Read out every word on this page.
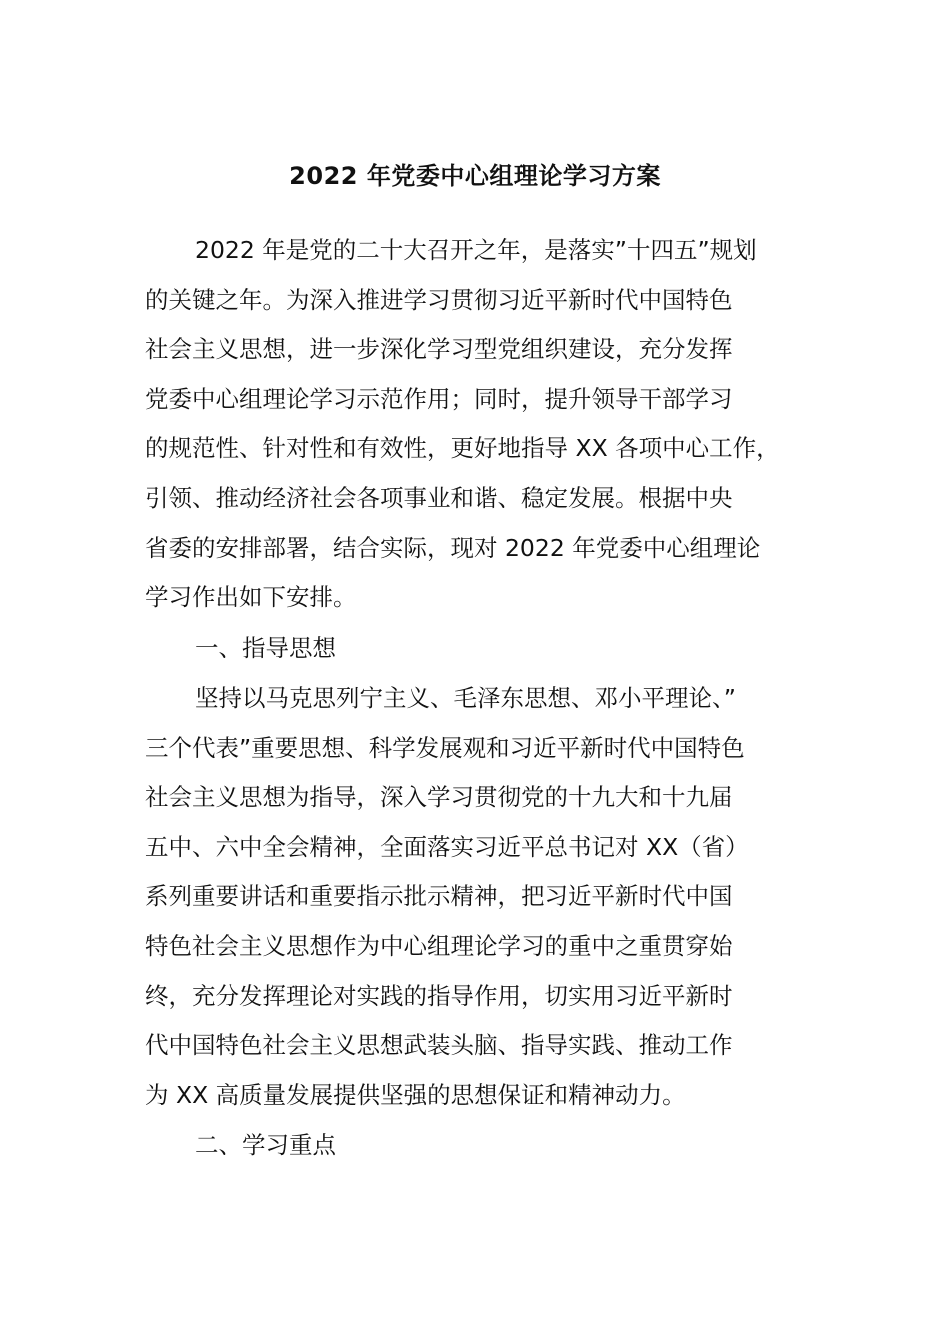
2022 年党委中心组理论学习方案
2022 年是党的二十大召开之年，是落实”十四五”规划
的关键之年。为深入推进学习贯彻习近平新时代中国特色
社会主义思想，进一步深化学习型党组织建设，充分发挥
党委中心组理论学习示范作用；同时，提升领导干部学习
的规范性、针对性和有效性，更好地指导 XX 各项中心工作，
引领、推动经济社会各项事业和谐、稳定发展。根据中央
省委的安排部署，结合实际，现对 2022 年党委中心组理论
学习作出如下安排。
一、指导思想
坚持以马克思列宁主义、毛泽东思想、邓小平理论、”
三个代表”重要思想、科学发展观和习近平新时代中国特色
社会主义思想为指导，深入学习贯彻党的十九大和十九届
五中、六中全会精神，全面落实习近平总书记对 XX（省）
系列重要讲话和重要指示批示精神，把习近平新时代中国
特色社会主义思想作为中心组理论学习的重中之重贯穿始
终，充分发挥理论对实践的指导作用，切实用习近平新时
代中国特色社会主义思想武装头脑、指导实践、推动工作
为 XX 高质量发展提供坚强的思想保证和精神动力。
二、学习重点
